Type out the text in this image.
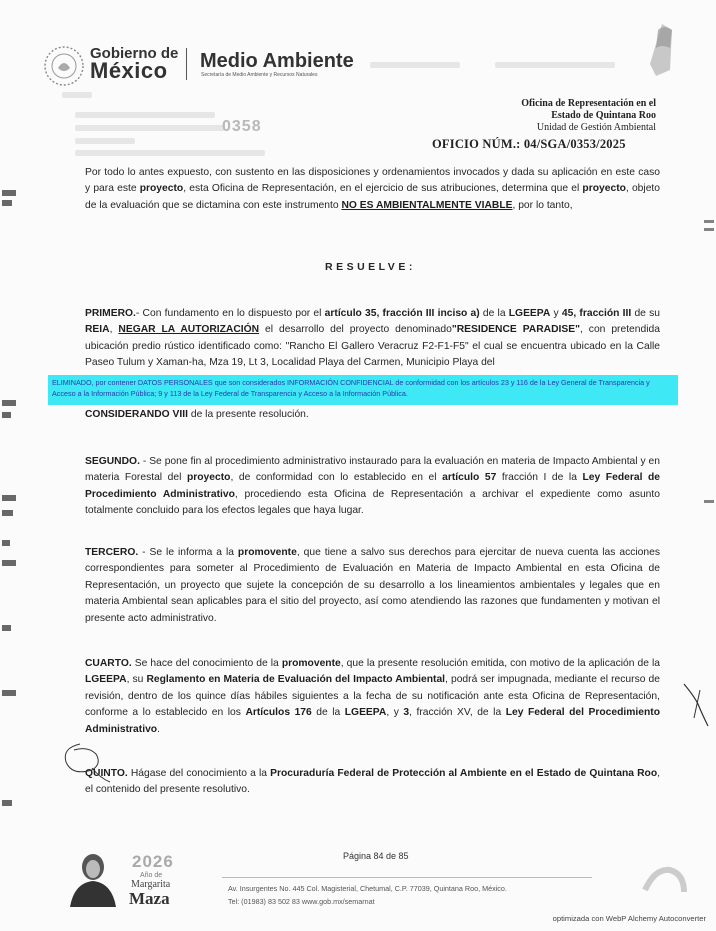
Gobierno de
México Medio Ambiente
Secretaría de Medio Ambiente y Recursos Naturales
0358
Oficina de Representación en el
Estado de Quintana Roo
Unidad de Gestión Ambiental
OFICIO NÚM.: 04/SGA/0353/2025

Por todo lo antes expuesto, con sustento en las disposiciones y ordenamientos invocados y dada su aplicación en este caso y para este proyecto, esta Oficina de Representación, en el ejercicio de sus atribuciones, determina que el proyecto, objeto de la evaluación que se dictamina con este instrumento NO ES AMBIENTALMENTE VIABLE, por lo tanto,

RESUELVE:

PRIMERO.- Con fundamento en lo dispuesto por el artículo 35, fracción III inciso a) de la LGEEPA y 45, fracción III de su REIA, NEGAR LA AUTORIZACIÓN el desarrollo del proyecto denominado"RESIDENCE PARADISE", con pretendida ubicación predio rústico identificado como: "Rancho El Gallero Veracruz F2-F1-F5" el cual se encuentra ubicado en la Calle Paseo Tulum y Xaman-ha, Mza 19, Lt 3, Localidad Playa del Carmen, Municipio Playa del

ELIMINADO, por contener DATOS PERSONALES que son considerados INFORMACIÓN CONFIDENCIAL de conformidad con los artículos 23 y 116 de la Ley General de Transparencia y Acceso a la Información Pública; 9 y 113 de la Ley Federal de Transparencia y Acceso a la Información Pública.

CONSIDERANDO VIII de la presente resolución.

SEGUNDO. - Se pone fin al procedimiento administrativo instaurado para la evaluación en materia de Impacto Ambiental y en materia Forestal del proyecto, de conformidad con lo establecido en el artículo 57 fracción I de la Ley Federal de Procedimiento Administrativo, procediendo esta Oficina de Representación a archivar el expediente como asunto totalmente concluido para los efectos legales que haya lugar.

TERCERO. - Se le informa a la promovente, que tiene a salvo sus derechos para ejercitar de nueva cuenta las acciones correspondientes para someter al Procedimiento de Evaluación en Materia de Impacto Ambiental en esta Oficina de Representación, un proyecto que sujete la concepción de su desarrollo a los lineamientos ambientales y legales que en materia Ambiental sean aplicables para el sitio del proyecto, así como atendiendo las razones que fundamenten y motivan el presente acto administrativo.

CUARTO. Se hace del conocimiento de la promovente, que la presente resolución emitida, con motivo de la aplicación de la LGEEPA, su Reglamento en Materia de Evaluación del Impacto Ambiental, podrá ser impugnada, mediante el recurso de revisión, dentro de los quince días hábiles siguientes a la fecha de su notificación ante esta Oficina de Representación, conforme a lo establecido en los Artículos 176 de la LGEEPA, y 3, fracción XV, de la Ley Federal del Procedimiento Administrativo.

QUINTO. Hágase del conocimiento a la Procuraduría Federal de Protección al Ambiente en el Estado de Quintana Roo, el contenido del presente resolutivo.

2026
Año de
Margarita
Maza
Página 84 de 85
Av. Insurgentes No. 445 Col. Magisterial, Chetumal, C.P. 77039, Quintana Roo, México.
Tel: (01983) 83 502 83 www.gob.mx/semarnat
optimizada con WebP Alchemy Autoconverter
